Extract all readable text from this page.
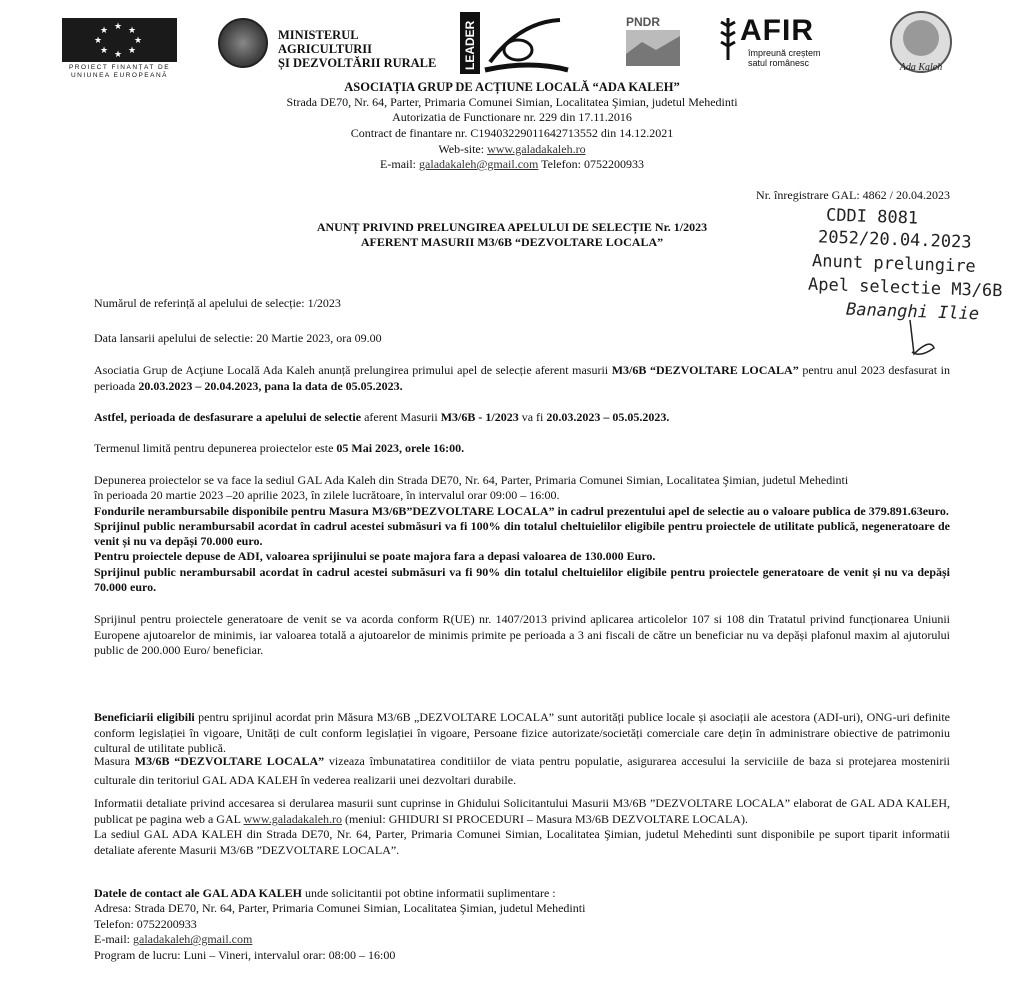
★ ★
★
★
★
★
★
★
PROIECT FINANȚAT DE
UNIUNEA EUROPEANĂ
MINISTERUL AGRICULTURII
ȘI DEZVOLTĂRII RURALE	LEADER	PNDR	AFIR
împreună creștem
satul românesc	Ada Kaleh
ASOCIAȚIA GRUP DE ACȚIUNE LOCALĂ “ADA KALEH”
Strada DE70, Nr. 64, Parter, Primaria Comunei Simian, Localitatea Şimian, judetul Mehedinti
Autorizatia de Functionare nr. 229 din 17.11.2016
Contract de finantare nr. C19403229011642713552 din 14.12.2021
Web-site: www.galadakaleh.ro
E-mail: galadakaleh@gmail.com Telefon: 0752200933
Nr. înregistrare GAL: 4862 / 20.04.2023
ANUNȚ PRIVIND PRELUNGIREA APELULUI DE SELECȚIE Nr. 1/2023
AFERENT MASURII M3/6B “DEZVOLTARE LOCALA”
CDDI 8081
2052/20.04.2023
Anunt prelungire
Apel selectie M3/6B
Bananghi Ilie
Numărul de referință al apelului de selecție: 1/2023
Data lansarii apelului de selectie: 20 Martie 2023, ora 09.00
Asociatia Grup de Acţiune Locală Ada Kaleh anunță prelungirea primului apel de selecție aferent masurii M3/6B “DEZVOLTARE LOCALA” pentru anul 2023 desfasurat in perioada 20.03.2023 – 20.04.2023, pana la data de 05.05.2023.
Astfel, perioada de desfasurare a apelului de selectie aferent Masurii M3/6B - 1/2023 va fi 20.03.2023 – 05.05.2023.
Termenul limită pentru depunerea proiectelor este 05 Mai 2023, orele 16:00.
Depunerea proiectelor se va face la sediul GAL Ada Kaleh din Strada DE70, Nr. 64, Parter, Primaria Comunei Simian, Localitatea Şimian, judetul Mehedinti
în perioada 20 martie 2023 –20 aprilie 2023, în zilele lucrătoare, în intervalul orar 09:00 – 16:00.
Fondurile nerambursabile disponibile pentru Masura M3/6B”DEZVOLTARE LOCALA” in cadrul prezentului apel de selectie au o valoare publica de 379.891.63euro.
Sprijinul public nerambursabil acordat în cadrul acestei submăsuri va fi 100% din totalul cheltuielilor eligibile pentru proiectele de utilitate publică, negeneratoare de venit și nu va depăși 70.000 euro.
Pentru proiectele depuse de ADI, valoarea sprijinului se poate majora fara a depasi valoarea de 130.000 Euro.
Sprijinul public nerambursabil acordat în cadrul acestei submăsuri va fi 90% din totalul cheltuielilor eligibile pentru proiectele generatoare de venit și nu va depăși 70.000 euro.
Sprijinul pentru proiectele generatoare de venit se va acorda conform R(UE) nr. 1407/2013 privind aplicarea articolelor 107 si 108 din Tratatul privind funcționarea Uniunii Europene ajutoarelor de minimis, iar valoarea totală a ajutoarelor de minimis primite pe perioada a 3 ani fiscali de către un beneficiar nu va depăși plafonul maxim al ajutorului public de 200.000 Euro/ beneficiar.
Beneficiarii eligibili pentru sprijinul acordat prin Măsura M3/6B „DEZVOLTARE LOCALA” sunt autorități publice locale și asociații ale acestora (ADI-uri), ONG-uri definite conform legislației în vigoare, Unități de cult conform legislației în vigoare, Persoane fizice autorizate/societăți comerciale care dețin în administrare obiective de patrimoniu cultural de utilitate publică.
Masura M3/6B “DEZVOLTARE LOCALA” vizeaza îmbunatatirea conditiilor de viata pentru populatie, asigurarea accesului la serviciile de baza si protejarea mostenirii culturale din teritoriul GAL ADA KALEH în vederea realizarii unei dezvoltari durabile.
Informatii detaliate privind accesarea si derularea masurii sunt cuprinse in Ghidului Solicitantului Masurii M3/6B ”DEZVOLTARE LOCALA” elaborat de GAL ADA KALEH, publicat pe pagina web a GAL www.galadakaleh.ro (meniul: GHIDURI SI PROCEDURI – Masura M3/6B DEZVOLTARE LOCALA).
La sediul GAL ADA KALEH din Strada DE70, Nr. 64, Parter, Primaria Comunei Simian, Localitatea Şimian, judetul Mehedinti sunt disponibile pe suport tiparit informatii detaliate aferente Masurii M3/6B ”DEZVOLTARE LOCALA”.
Datele de contact ale GAL ADA KALEH unde solicitantii pot obtine informatii suplimentare :
Adresa: Strada DE70, Nr. 64, Parter, Primaria Comunei Simian, Localitatea Şimian, judetul Mehedinti
Telefon: 0752200933
E-mail: galadakaleh@gmail.com
Program de lucru: Luni – Vineri, intervalul orar: 08:00 – 16:00
